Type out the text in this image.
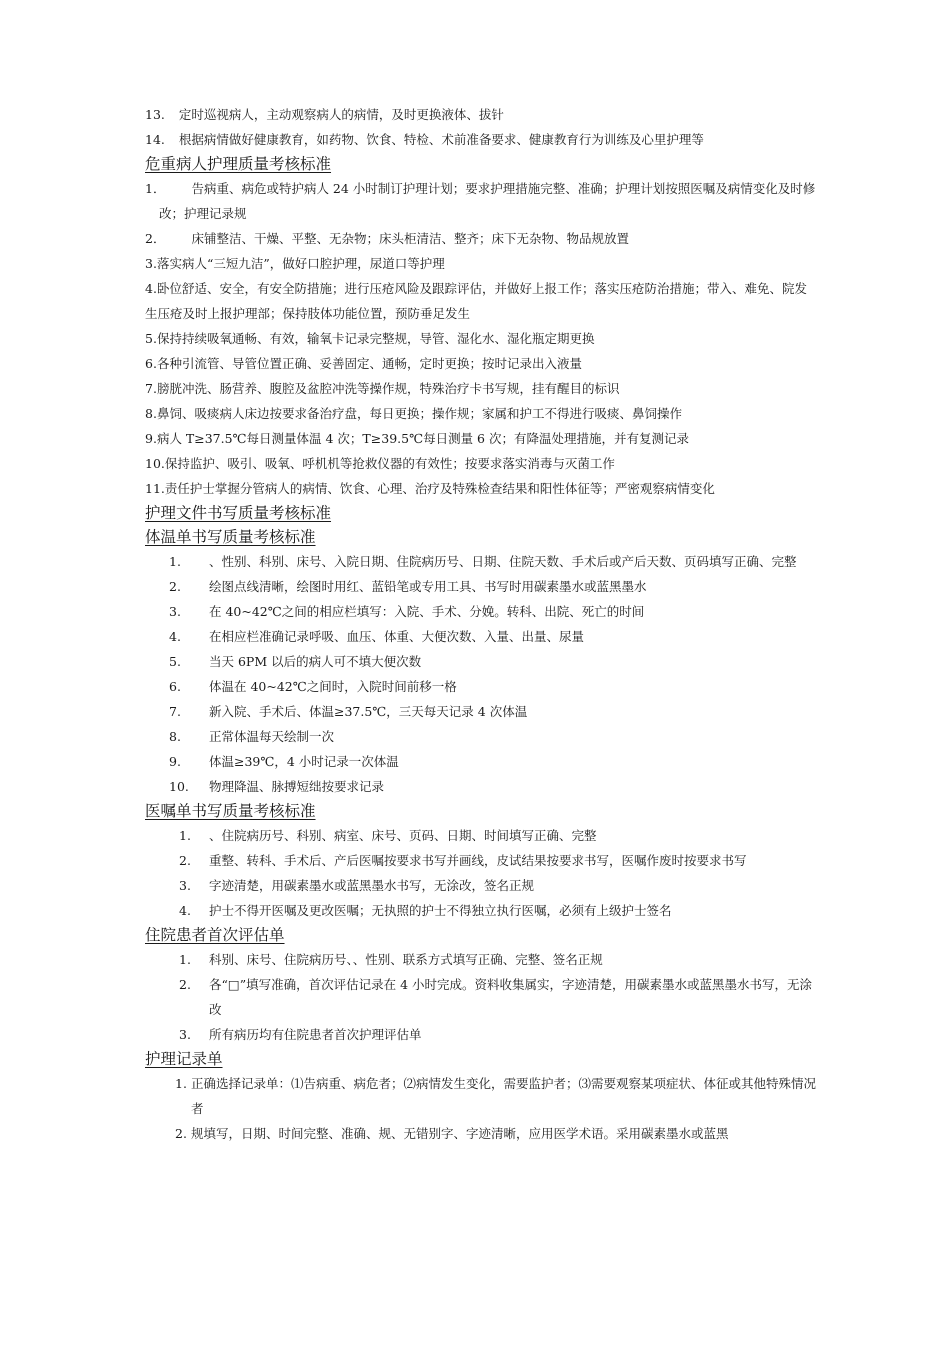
13. 定时巡视病人，主动观察病人的病情，及时更换液体、拔针
14. 根据病情做好健康教育，如药物、饮食、特检、术前准备要求、健康教育行为训练及心里护理等
危重病人护理质量考核标准
1． 告病重、病危或特护病人 24 小时制订护理计划；要求护理措施完整、准确；护理计划按照医嘱及病情变化及时修改；护理记录规
2． 床铺整洁、干燥、平整、无杂物；床头柜清洁、整齐；床下无杂物、物品规放置
3.落实病人“三短九洁”，做好口腔护理，尿道口等护理
4.卧位舒适、安全，有安全防措施；进行压疮风险及跟踪评估，并做好上报工作；落实压疮防治措施；带入、难免、院发生压疮及时上报护理部；保持肢体功能位置，预防垂足发生
5.保持持续吸氧通畅、有效，输氧卡记录完整规，导管、湿化水、湿化瓶定期更换
6.各种引流管、导管位置正确、妥善固定、通畅，定时更换；按时记录出入液量
7.膀胱冲洗、肠营养、腹腔及盆腔冲洗等操作规，特殊治疗卡书写规，挂有醒目的标识
8.鼻饲、吸痰病人床边按要求备治疗盘，每日更换；操作规；家属和护工不得进行吸痰、鼻饲操作
9.病人 T≥37.5℃每日测量体温 4 次；T≥39.5℃每日测量 6 次；有降温处理措施，并有复测记录
10.保持监护、吸引、吸氧、呼机机等抢救仪器的有效性；按要求落实消毒与灭菌工作
11.责任护士掌握分管病人的病情、饮食、心理、治疗及特殊检查结果和阳性体征等；严密观察病情变化
护理文件书写质量考核标准
体温单书写质量考核标准
1.	、性别、科别、床号、入院日期、住院病历号、日期、住院天数、手术后或产后天数、页码填写正确、完整
2.	绘图点线清晰，绘图时用红、蓝铅笔或专用工具、书写时用碳素墨水或蓝黑墨水
3.	在 40~42℃之间的相应栏填写：入院、手术、分娩。转科、出院、死亡的时间
4.	在相应栏准确记录呼吸、血压、体重、大便次数、入量、出量、尿量
5.	当天 6PM 以后的病人可不填大便次数
6.	体温在 40~42℃之间时，入院时间前移一格
7.	新入院、手术后、体温≥37.5℃，三天每天记录 4 次体温
8.	正常体温每天绘制一次
9.	体温≥39℃，4 小时记录一次体温
10.	物理降温、脉搏短绌按要求记录
医嘱单书写质量考核标准
1.	、住院病历号、科别、病室、床号、页码、日期、时间填写正确、完整
2.	重整、转科、手术后、产后医嘱按要求书写并画线，皮试结果按要求书写，医嘱作废时按要求书写
3.	字迹清楚，用碳素墨水或蓝黑墨水书写，无涂改，签名正规
4.	护士不得开医嘱及更改医嘱；无执照的护士不得独立执行医嘱，必须有上级护士签名
住院患者首次评估单
1.	科别、床号、住院病历号、、性别、联系方式填写正确、完整、签名正规
2.	各“□”填写准确，首次评估记录在 4 小时完成。资料收集属实，字迹清楚，用碳素墨水或蓝黑墨水书写，无涂改
3.	所有病历均有住院患者首次护理评估单
护理记录单
1. 正确选择记录单：⑴告病重、病危者；⑵病情发生变化，需要监护者；⑶需要观察某项症状、体征或其他特殊情况者
2. 规填写，日期、时间完整、准确、规、无错别字、字迹清晰，应用医学术语。采用碳素墨水或蓝黑
